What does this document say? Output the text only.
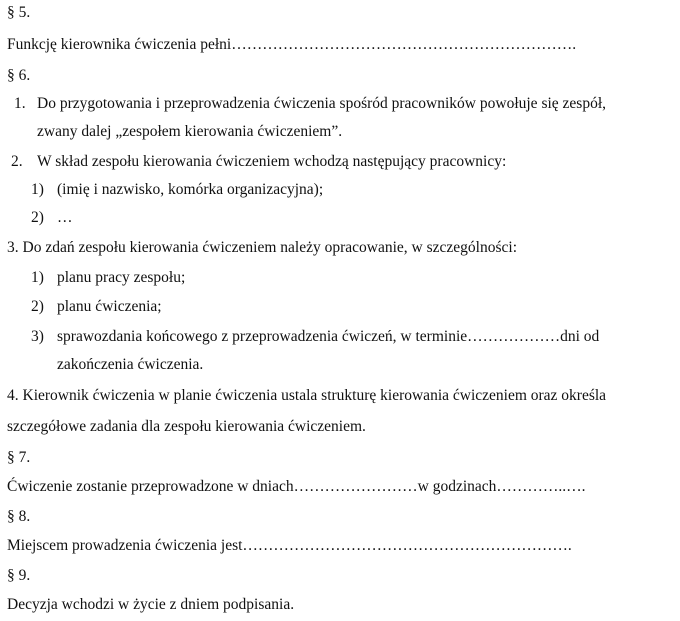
§ 5.
Funkcję kierownika ćwiczenia pełni………………………………………………………….
§ 6.
1. Do przygotowania i przeprowadzenia ćwiczenia spośród pracowników powołuje się zespół,
zwany dalej „zespołem kierowania ćwiczeniem”.
2. W skład zespołu kierowania ćwiczeniem wchodzą następujący pracownicy:
1) (imię i nazwisko, komórka organizacyjna);
2) …
3. Do zdań zespołu kierowania ćwiczeniem należy opracowanie, w szczególności:
1) planu pracy zespołu;
2) planu ćwiczenia;
3) sprawozdania końcowego z przeprowadzenia ćwiczeń, w terminie………………dni od
zakończenia ćwiczenia.
4. Kierownik ćwiczenia w planie ćwiczenia ustala strukturę kierowania ćwiczeniem oraz określa
szczegółowe zadania dla zespołu kierowania ćwiczeniem.
§ 7.
Ćwiczenie zostanie przeprowadzone w dniach……………………w godzinach…………..….
§ 8.
Miejscem prowadzenia ćwiczenia jest……………………………………………………….
§ 9.
Decyzja wchodzi w życie z dniem podpisania.
